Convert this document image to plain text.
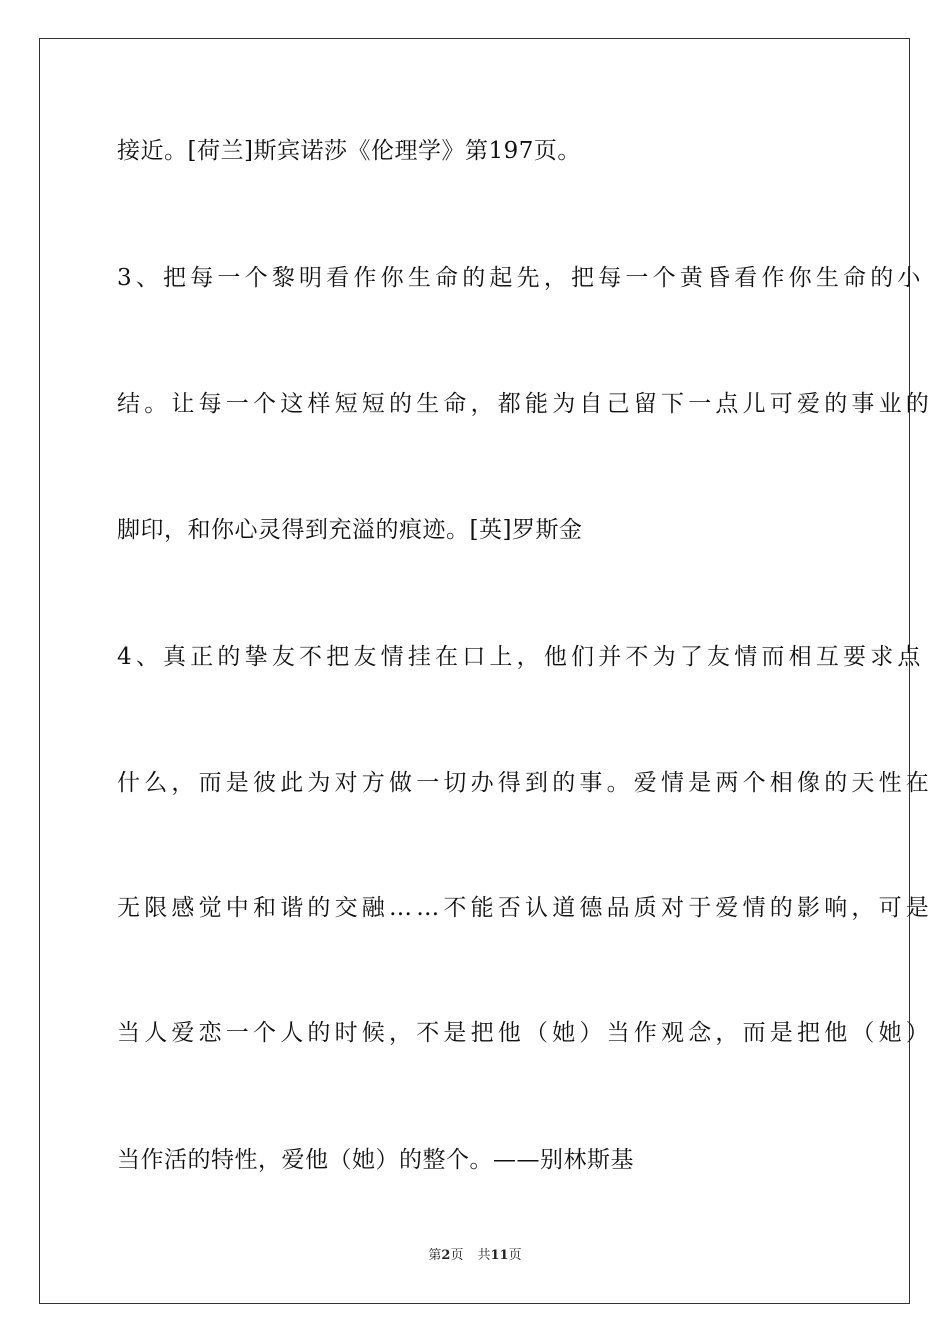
接近。[荷兰]斯宾诺莎《伦理学》第197页。
3、把每一个黎明看作你生命的起先，把每一个黄昏看作你生命的小
结。让每一个这样短短的生命，都能为自己留下一点儿可爱的事业的
脚印，和你心灵得到充溢的痕迹。[英]罗斯金
4、真正的挚友不把友情挂在口上，他们并不为了友情而相互要求点
什么，而是彼此为对方做一切办得到的事。爱情是两个相像的天性在
无限感觉中和谐的交融……不能否认道德品质对于爱情的影响，可是
当人爱恋一个人的时候，不是把他（她）当作观念，而是把他（她）
当作活的特性，爱他（她）的整个。——别林斯基
第2页 共11页
